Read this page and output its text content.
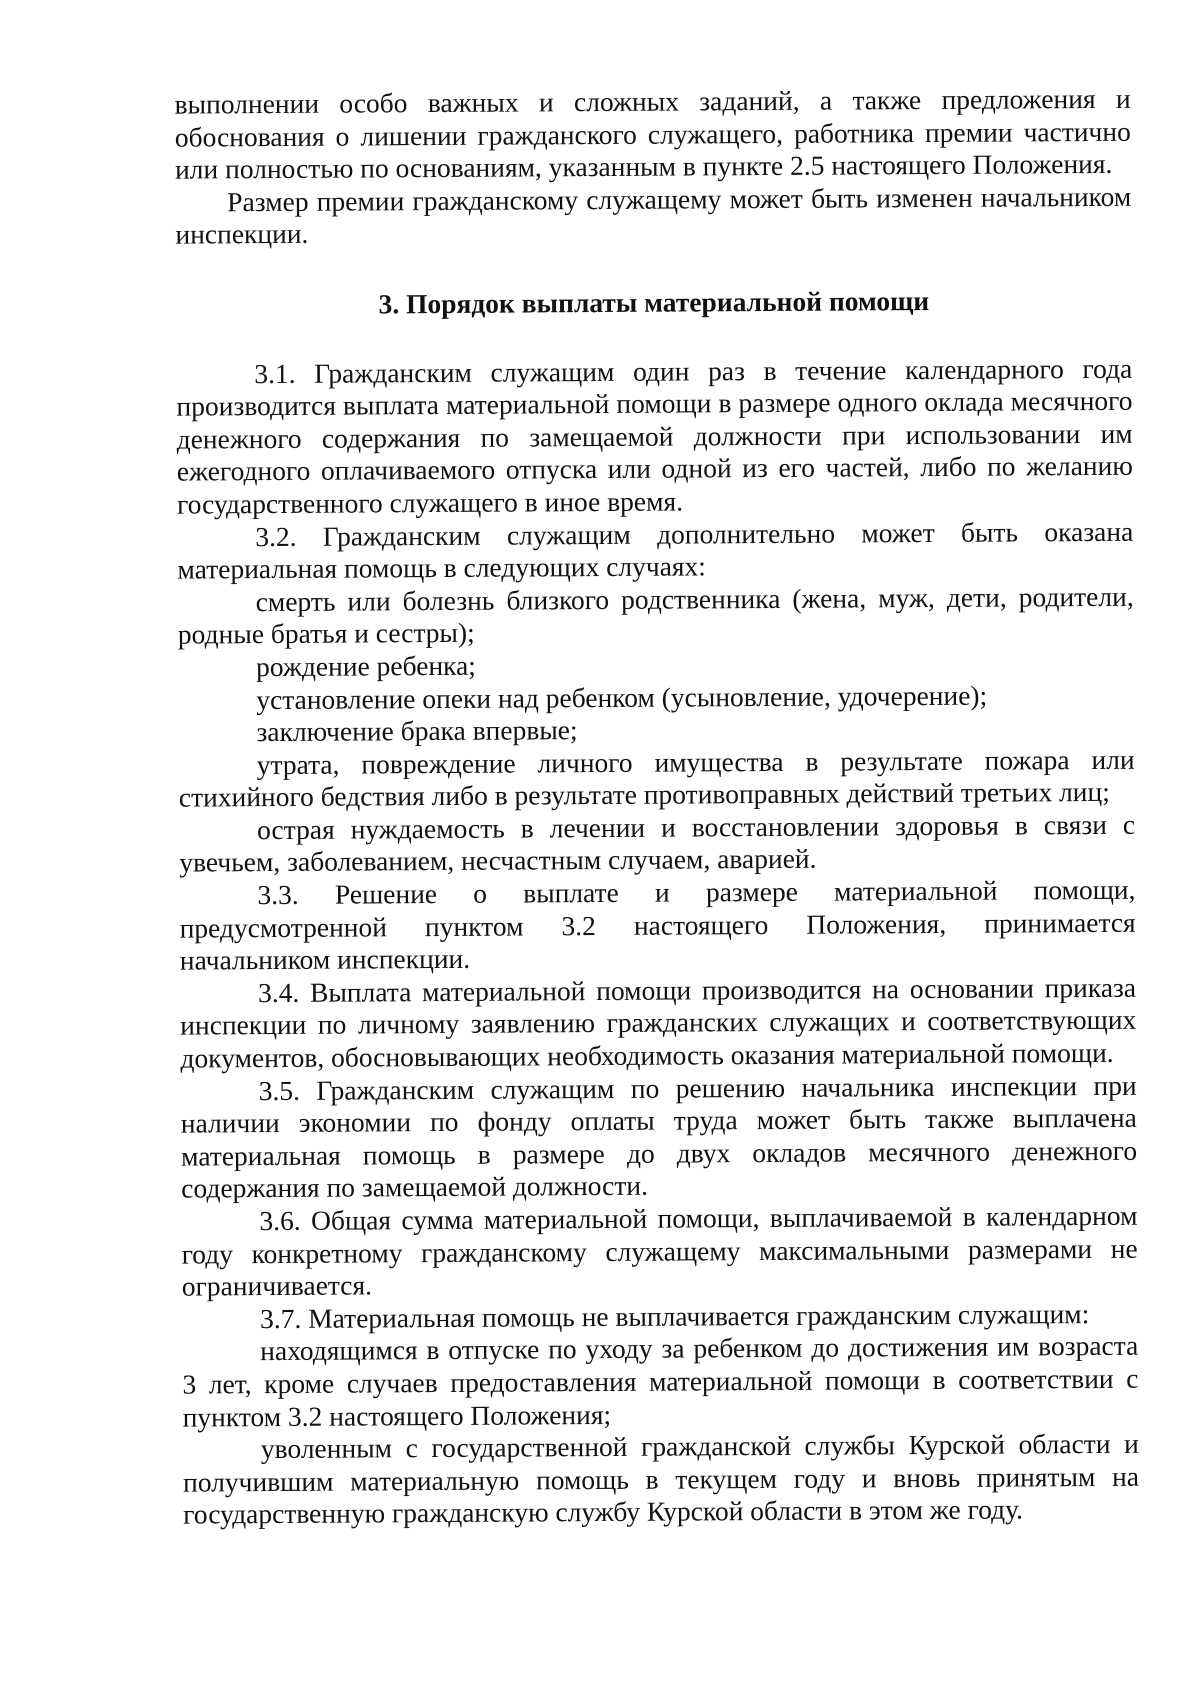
выполнении особо важных и сложных заданий, а также предложения и обоснования о лишении гражданского служащего, работника премии частично или полностью по основаниям, указанным в пункте 2.5 настоящего Положения.

Размер премии гражданскому служащему может быть изменен начальником инспекции.

3. Порядок выплаты материальной помощи

3.1. Гражданским служащим один раз в течение календарного года производится выплата материальной помощи в размере одного оклада месячного денежного содержания по замещаемой должности при использовании им ежегодного оплачиваемого отпуска или одной из его частей, либо по желанию государственного служащего в иное время.

3.2. Гражданским служащим дополнительно может быть оказана материальная помощь в следующих случаях:

смерть или болезнь близкого родственника (жена, муж, дети, родители, родные братья и сестры);

рождение ребенка;

установление опеки над ребенком (усыновление, удочерение);

заключение брака впервые;

утрата, повреждение личного имущества в результате пожара или стихийного бедствия либо в результате противоправных действий третьих лиц;

острая нуждаемость в лечении и восстановлении здоровья в связи с увечьем, заболеванием, несчастным случаем, аварией.

3.3. Решение о выплате и размере материальной помощи, предусмотренной пунктом 3.2 настоящего Положения, принимается начальником инспекции.

3.4. Выплата материальной помощи производится на основании приказа инспекции по личному заявлению гражданских служащих и соответствующих документов, обосновывающих необходимость оказания материальной помощи.

3.5. Гражданским служащим по решению начальника инспекции при наличии экономии по фонду оплаты труда может быть также выплачена материальная помощь в размере до двух окладов месячного денежного содержания по замещаемой должности.

3.6. Общая сумма материальной помощи, выплачиваемой в календарном году конкретному гражданскому служащему максимальными размерами не ограничивается.

3.7. Материальная помощь не выплачивается гражданским служащим:

находящимся в отпуске по уходу за ребенком до достижения им возраста 3 лет, кроме случаев предоставления материальной помощи в соответствии с пунктом 3.2 настоящего Положения;

уволенным с государственной гражданской службы Курской области и получившим материальную помощь в текущем году и вновь принятым на государственную гражданскую службу Курской области в этом же году.
